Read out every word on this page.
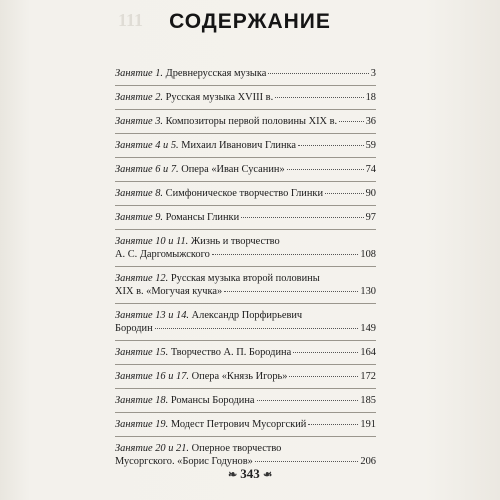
111	СОДЕРЖАНИЕ
Занятие 1. Древнерусская музыка	3
Занятие 2. Русская музыка XVIII в.	18
Занятие 3. Композиторы первой половины XIX в.	36
Занятие 4 и 5. Михаил Иванович Глинка	59
Занятие 6 и 7. Опера «Иван Сусанин»	74
Занятие 8. Симфоническое творчество Глинки	90
Занятие 9. Романсы Глинки	97
Занятие 10 и 11. Жизнь и творчество
А. С. Даргомыжского	108
Занятие 12. Русская музыка второй половины
XIX в. «Могучая кучка»	130
Занятие 13 и 14. Александр Порфирьевич
Бородин	149
Занятие 15. Творчество А. П. Бородина	164
Занятие 16 и 17. Опера «Князь Игорь»	172
Занятие 18. Романсы Бородина	185
Занятие 19. Модест Петрович Мусоргский	191
Занятие 20 и 21. Оперное творчество
Мусоргского. «Борис Годунов»	206
❧ 343 ❧
